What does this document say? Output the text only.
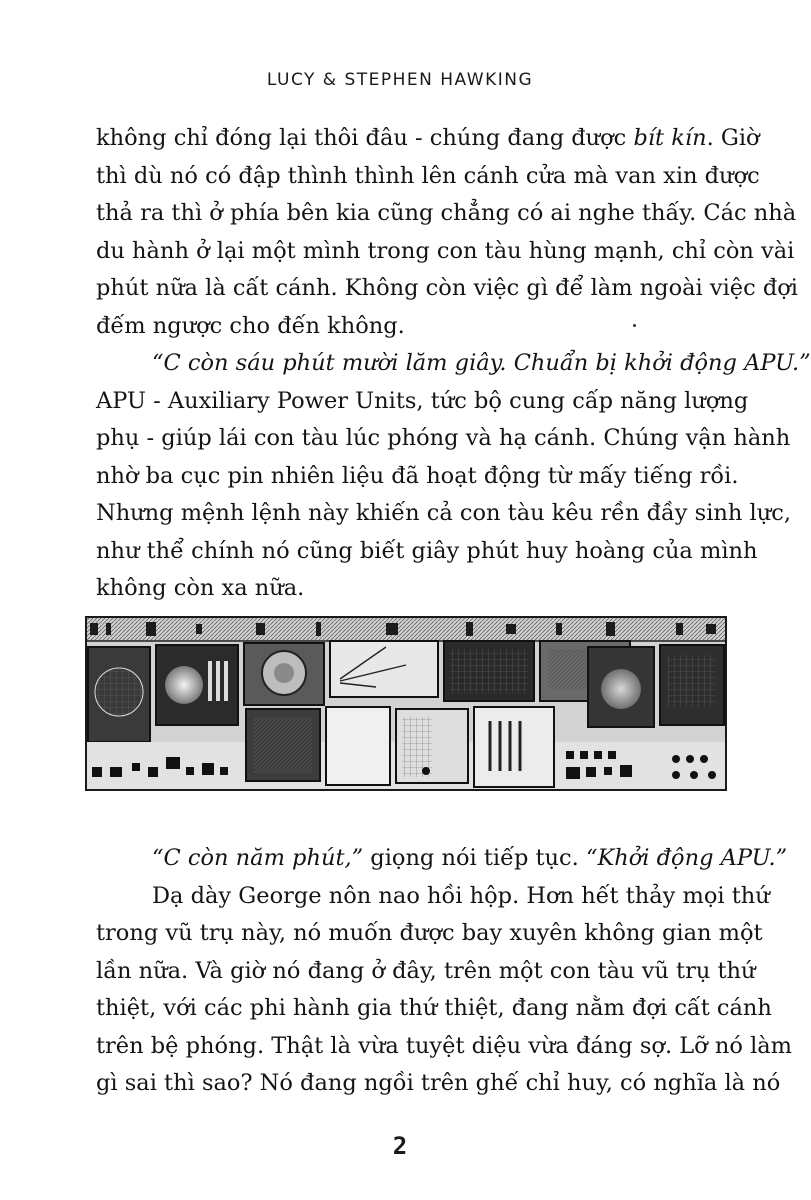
LUCY & STEPHEN HAWKING
không chỉ đóng lại thôi đâu - chúng đang được bít kín. Giờ
thì dù nó có đập thình thình lên cánh cửa mà van xin được
thả ra thì ở phía bên kia cũng chẳng có ai nghe thấy. Các nhà
du hành ở lại một mình trong con tàu hùng mạnh, chỉ còn vài
phút nữa là cất cánh. Không còn việc gì để làm ngoài việc đợi
đếm ngược cho đến không.
“C còn sáu phút mười lăm giây. Chuẩn bị khởi động APU.”
APU - Auxiliary Power Units, tức bộ cung cấp năng lượng
phụ - giúp lái con tàu lúc phóng và hạ cánh. Chúng vận hành
nhờ ba cục pin nhiên liệu đã hoạt động từ mấy tiếng rồi.
Nhưng mệnh lệnh này khiến cả con tàu kêu rền đầy sinh lực,
như thể chính nó cũng biết giây phút huy hoàng của mình
không còn xa nữa.
“C còn năm phút,” giọng nói tiếp tục. “Khởi động APU.”
Dạ dày George nôn nao hồi hộp. Hơn hết thảy mọi thứ
trong vũ trụ này, nó muốn được bay xuyên không gian một
lần nữa. Và giờ nó đang ở đây, trên một con tàu vũ trụ thứ
thiệt, với các phi hành gia thứ thiệt, đang nằm đợi cất cánh
trên bệ phóng. Thật là vừa tuyệt diệu vừa đáng sợ. Lỡ nó làm
gì sai thì sao? Nó đang ngồi trên ghế chỉ huy, có nghĩa là nó
2
